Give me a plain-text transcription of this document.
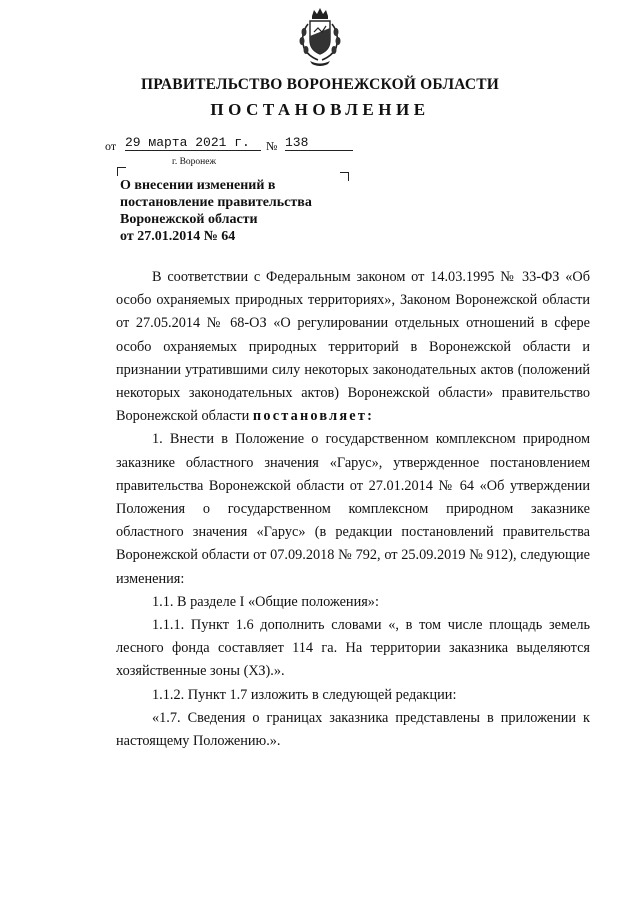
ПРАВИТЕЛЬСТВО ВОРОНЕЖСКОЙ ОБЛАСТИ
ПОСТАНОВЛЕНИЕ
от 29 марта 2021 г.	№ 138
г. Воронеж
О внесении изменений в
постановление правительства
Воронежской области
от 27.01.2014 № 64

В соответствии с Федеральным законом от 14.03.1995 № 33-ФЗ «Об особо охраняемых природных территориях», Законом Воронежской области от 27.05.2014 № 68-ОЗ «О регулировании отдельных отношений в сфере особо охраняемых природных территорий в Воронежской области и признании утратившими силу некоторых законодательных актов (положений некоторых законодательных актов) Воронежской области» правительство Воронежской области постановляет:

1. Внести в Положение о государственном комплексном природном заказнике областного значения «Гарус», утвержденное постановлением правительства Воронежской области от 27.01.2014 № 64 «Об утверждении Положения о государственном комплексном природном заказнике областного значения «Гарус» (в редакции постановлений правительства Воронежской области от 07.09.2018 № 792, от 25.09.2019 № 912), следующие изменения:

1.1. В разделе I «Общие положения»:

1.1.1. Пункт 1.6 дополнить словами «, в том числе площадь земель лесного фонда составляет 114 га. На территории заказника выделяются хозяйственные зоны (ХЗ).».

1.1.2. Пункт 1.7 изложить в следующей редакции:

«1.7. Сведения о границах заказника представлены в приложении к настоящему Положению.».
